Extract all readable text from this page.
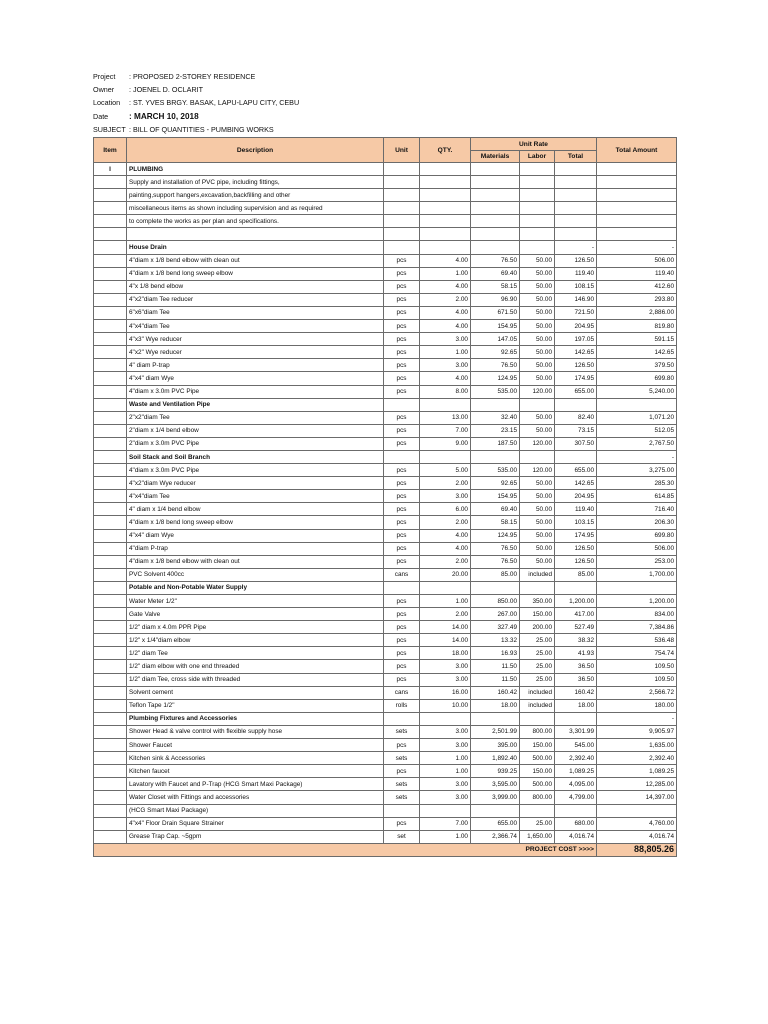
Project	: PROPOSED 2-STOREY RESIDENCE
Owner	: JOENEL D. OCLARIT
Location	: ST. YVES BRGY. BASAK, LAPU-LAPU CITY, CEBU
Date	: MARCH 10, 2018
SUBJECT : BILL OF QUANTITIES - PUMBING WORKS
Item	Description	Unit	QTY.	Unit Rate			Total Amount
				Materials	Labor	Total	
I	PLUMBING						
	Supply and installation of PVC pipe, including fittings,						
	painting,support hangers,excavation,backfilling and other						
	miscellaneous items as shown including supervision and as required						
	to complete the works as per plan and specifications.						

	House Drain					-	-
	4"diam x 1/8 bend elbow with clean out	pcs	4.00	76.50	50.00	126.50	506.00
	4"diam x 1/8 bend long sweep elbow	pcs	1.00	69.40	50.00	119.40	119.40
	4"x 1/8 bend elbow	pcs	4.00	58.15	50.00	108.15	412.60
	4"x2"diam Tee reducer	pcs	2.00	96.90	50.00	146.90	293.80
	6"x6"diam Tee	pcs	4.00	671.50	50.00	721.50	2,886.00
	4"x4"diam Tee	pcs	4.00	154.95	50.00	204.95	819.80
	4"x3" Wye reducer	pcs	3.00	147.05	50.00	197.05	591.15
	4"x2" Wye reducer	pcs	1.00	92.65	50.00	142.65	142.65
	4" diam P-trap	pcs	3.00	76.50	50.00	126.50	379.50
	4"x4" diam Wye	pcs	4.00	124.95	50.00	174.95	699.80
	4"diam x 3.0m PVC Pipe	pcs	8.00	535.00	120.00	655.00	5,240.00
	Waste and Ventilation Pipe						
	2"x2"diam Tee	pcs	13.00	32.40	50.00	82.40	1,071.20
	2"diam x 1/4 bend elbow	pcs	7.00	23.15	50.00	73.15	512.05
	2"diam x 3.0m PVC Pipe	pcs	9.00	187.50	120.00	307.50	2,767.50
	Soil Stack and Soil Branch						-
	4"diam x 3.0m PVC Pipe	pcs	5.00	535.00	120.00	655.00	3,275.00
	4"x2"diam Wye reducer	pcs	2.00	92.65	50.00	142.65	285.30
	4"x4"diam Tee	pcs	3.00	154.95	50.00	204.95	614.85
	4" diam x 1/4 bend elbow	pcs	6.00	69.40	50.00	119.40	716.40
	4"diam x 1/8 bend long sweep elbow	pcs	2.00	58.15	50.00	103.15	206.30
	4"x4" diam Wye	pcs	4.00	124.95	50.00	174.95	699.80
	4"diam P-trap	pcs	4.00	76.50	50.00	126.50	506.00
	4"diam x 1/8 bend elbow with clean out	pcs	2.00	76.50	50.00	126.50	253.00
	PVC Solvent 400cc	cans	20.00	85.00	included	85.00	1,700.00
	Potable and Non-Potable Water Supply						
	Water Meter 1/2"	pcs	1.00	850.00	350.00	1,200.00	1,200.00
	Gate Valve	pcs	2.00	267.00	150.00	417.00	834.00
	1/2" diam x 4.0m PPR Pipe	pcs	14.00	327.49	200.00	527.49	7,384.86
	1/2" x 1/4"diam elbow	pcs	14.00	13.32	25.00	38.32	536.48
	1/2" diam Tee	pcs	18.00	16.93	25.00	41.93	754.74
	1/2" diam elbow with one end threaded	pcs	3.00	11.50	25.00	36.50	109.50
	1/2" diam Tee, cross side with threaded	pcs	3.00	11.50	25.00	36.50	109.50
	Solvent cement	cans	16.00	160.42	included	160.42	2,566.72
	Teflon Tape 1/2"	rolls	10.00	18.00	included	18.00	180.00
	Plumbing Fixtures and Accessories						-
	Shower Head & valve control with flexible supply hose	sets	3.00	2,501.99	800.00	3,301.99	9,905.97
	Shower Faucet	pcs	3.00	395.00	150.00	545.00	1,635.00
	Kitchen sink & Accessories	sets	1.00	1,892.40	500.00	2,392.40	2,392.40
	Kitchen faucet	pcs	1.00	939.25	150.00	1,089.25	1,089.25
	Lavatory with Faucet and P-Trap (HCG Smart Maxi Package)	sets	3.00	3,595.00	500.00	4,095.00	12,285.00
	Water Closet with Fittings and accessories	sets	3.00	3,999.00	800.00	4,799.00	14,397.00
	(HCG Smart Maxi Package)						
	4"x4" Floor Drain Square Strainer	pcs	7.00	655.00	25.00	680.00	4,760.00
	Grease Trap Cap. ~5gpm	set	1.00	2,366.74	1,650.00	4,016.74	4,016.74
PROJECT COST >>>>							88,805.26
